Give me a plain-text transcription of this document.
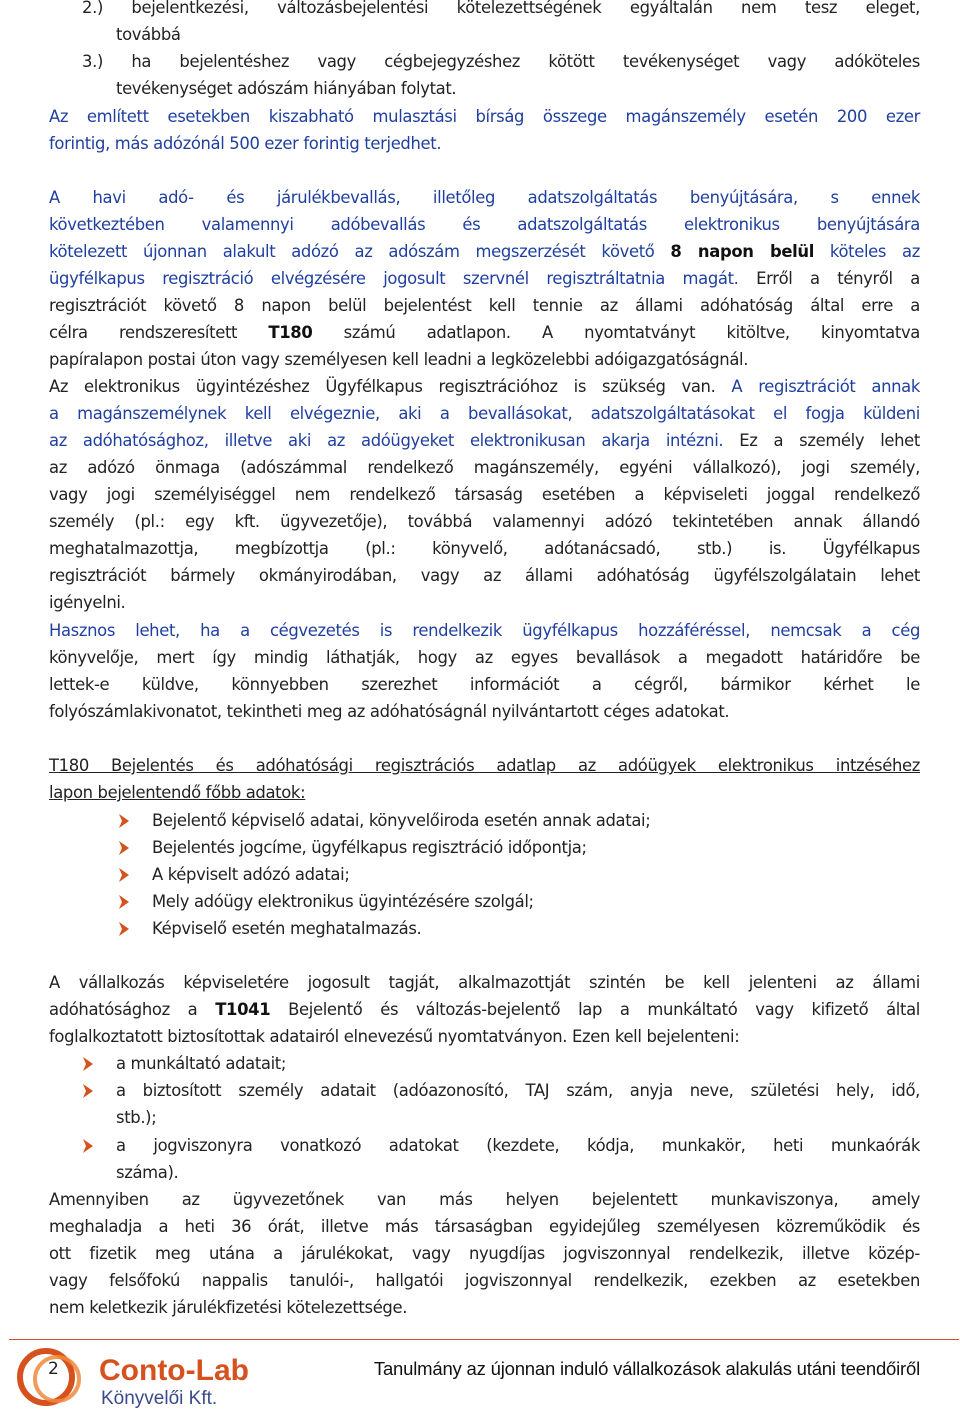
2.) bejelentkezési, változásbejelentési kötelezettségének egyáltalán nem tesz eleget,
továbbá
3.) ha bejelentéshez vagy cégbejegyzéshez kötött tevékenységet vagy adóköteles
tevékenységet adószám hiányában folytat.
Az említett esetekben kiszabható mulasztási bírság összege magánszemély esetén 200 ezer
forintig, más adózónál 500 ezer forintig terjedhet.
A havi adó- és járulékbevallás, illetőleg adatszolgáltatás benyújtására, s ennek
következtében valamennyi adóbevallás és adatszolgáltatás elektronikus benyújtására
kötelezett újonnan alakult adózó az adószám megszerzését követő 8 napon belül köteles az
ügyfélkapus regisztráció elvégzésére jogosult szervnél regisztráltatnia magát. Erről a tényről a
regisztrációt követő 8 napon belül bejelentést kell tennie az állami adóhatóság által erre a
célra rendszeresített T180 számú adatlapon. A nyomtatványt kitöltve, kinyomtatva
papíralapon postai úton vagy személyesen kell leadni a legközelebbi adóigazgatóságnál.
Az elektronikus ügyintézéshez Ügyfélkapus regisztrációhoz is szükség van. A regisztrációt annak
a magánszemélynek kell elvégeznie, aki a bevallásokat, adatszolgáltatásokat el fogja küldeni
az adóhatósághoz, illetve aki az adóügyeket elektronikusan akarja intézni. Ez a személy lehet
az adózó önmaga (adószámmal rendelkező magánszemély, egyéni vállalkozó), jogi személy,
vagy jogi személyiséggel nem rendelkező társaság esetében a képviseleti joggal rendelkező
személy (pl.: egy kft. ügyvezetője), továbbá valamennyi adózó tekintetében annak állandó
meghatalmazottja, megbízottja (pl.: könyvelő, adótanácsadó, stb.) is. Ügyfélkapus
regisztrációt bármely okmányirodában, vagy az állami adóhatóság ügyfélszolgálatain lehet
igényelni.
Hasznos lehet, ha a cégvezetés is rendelkezik ügyfélkapus hozzáféréssel, nemcsak a cég
könyvelője, mert így mindig láthatják, hogy az egyes bevallások a megadott határidőre be
lettek-e küldve, könnyebben szerezhet információt a cégről, bármikor kérhet le
folyószámlakivonatot, tekintheti meg az adóhatóságnál nyilvántartott céges adatokat.
T180 Bejelentés és adóhatósági regisztrációs adatlap az adóügyek elektronikus intzéséhez
lapon bejelentendő főbb adatok:
Bejelentő képviselő adatai, könyvelőiroda esetén annak adatai;
Bejelentés jogcíme, ügyfélkapus regisztráció időpontja;
A képviselt adózó adatai;
Mely adóügy elektronikus ügyintézésére szolgál;
Képviselő esetén meghatalmazás.
A vállalkozás képviseletére jogosult tagját, alkalmazottját szintén be kell jelenteni az állami
adóhatósághoz a T1041 Bejelentő és változás-bejelentő lap a munkáltató vagy kifizető által
foglalkoztatott biztosítottak adatairól elnevezésű nyomtatványon. Ezen kell bejelenteni:
a munkáltató adatait;
a biztosított személy adatait (adóazonosító, TAJ szám, anyja neve, születési hely, idő,
stb.);
a jogviszonyra vonatkozó adatokat (kezdete, kódja, munkakör, heti munkaórák
száma).
Amennyiben az ügyvezetőnek van más helyen bejelentett munkaviszonya, amely
meghaladja a heti 36 órát, illetve más társaságban egyidejűleg személyesen közreműködik és
ott fizetik meg utána a járulékokat, vagy nyugdíjas jogviszonnyal rendelkezik, illetve közép-
vagy felsőfokú nappalis tanulói-, hallgatói jogviszonnyal rendelkezik, ezekben az esetekben
nem keletkezik járulékfizetési kötelezettsége.
Conto-Lab
Könyvelői Kft.
2	Tanulmány az újonnan induló vállalkozások alakulás utáni teendőiről
